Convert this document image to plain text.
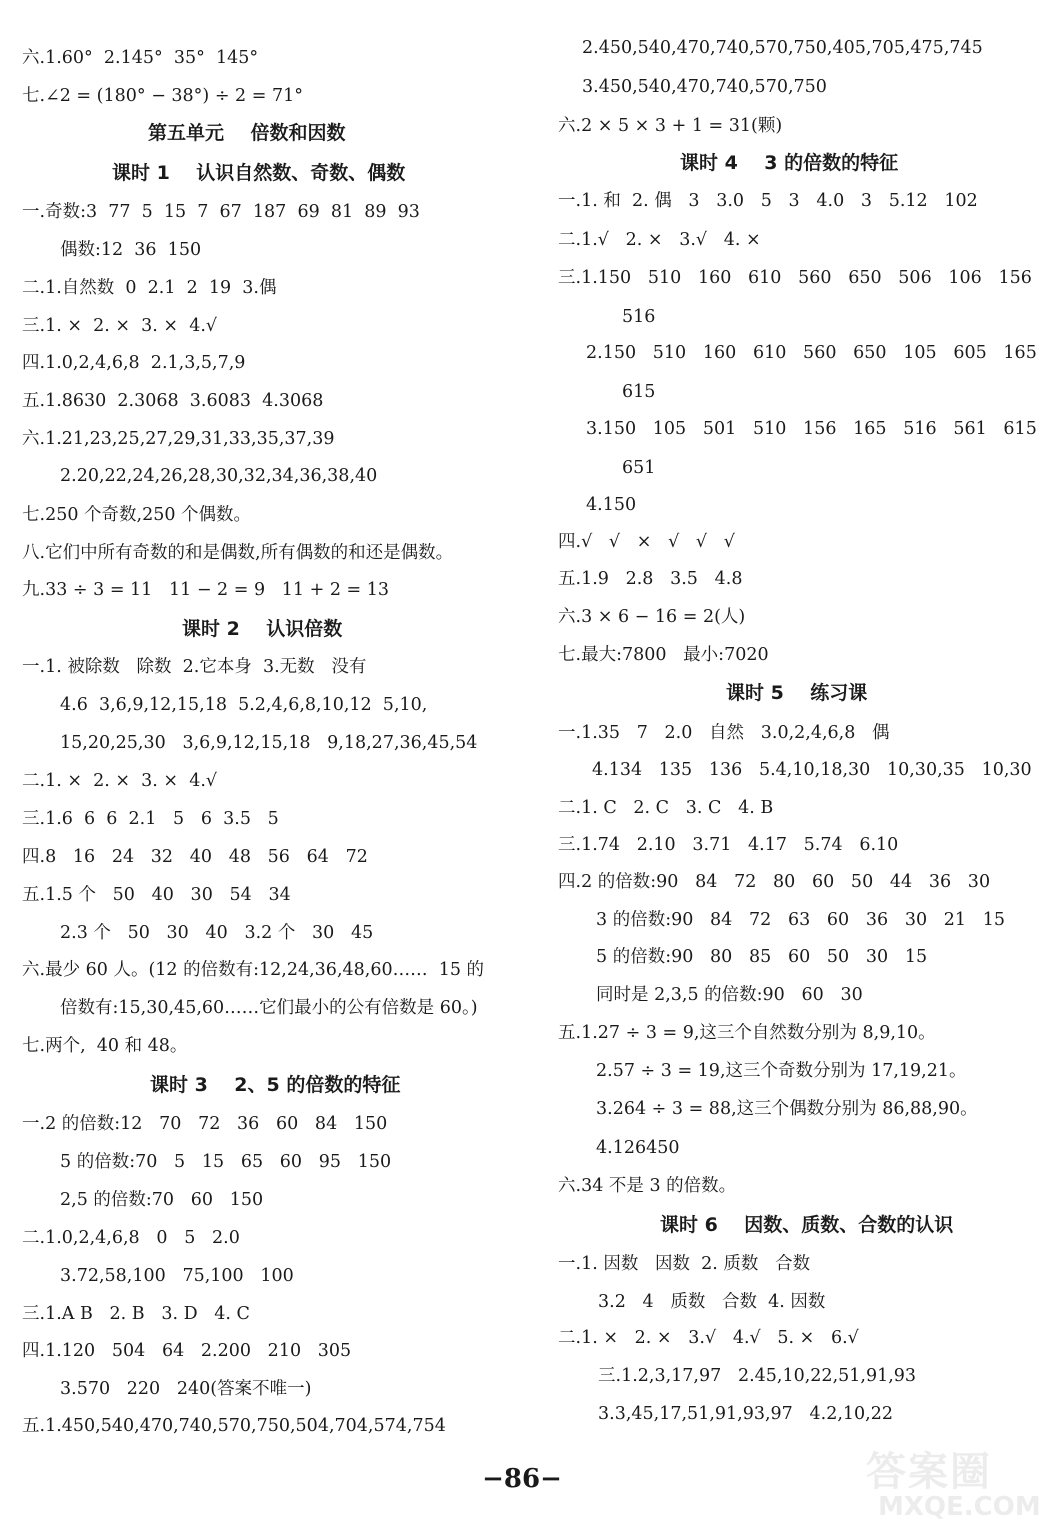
六.1.60°  2.145°  35°  145°
七.∠2 = (180° − 38°) ÷ 2 = 71°
第五单元    倍数和因数
课时 1    认识自然数、奇数、偶数
一.奇数:3  77  5  15  7  67  187  69  81  89  93
偶数:12  36  150
二.1.自然数  0  2.1  2  19  3.偶
三.1. ×  2. ×  3. ×  4.√
四.1.0,2,4,6,8  2.1,3,5,7,9
五.1.8630  2.3068  3.6083  4.3068
六.1.21,23,25,27,29,31,33,35,37,39
2.20,22,24,26,28,30,32,34,36,38,40
七.250 个奇数,250 个偶数。
八.它们中所有奇数的和是偶数,所有偶数的和还是偶数。
九.33 ÷ 3 = 11   11 − 2 = 9   11 + 2 = 13
课时 2    认识倍数
一.1. 被除数   除数  2.它本身  3.无数   没有
4.6  3,6,9,12,15,18  5.2,4,6,8,10,12  5,10,
15,20,25,30   3,6,9,12,15,18   9,18,27,36,45,54
二.1. ×  2. ×  3. ×  4.√
三.1.6  6  6  2.1   5   6  3.5   5
四.8   16   24   32   40   48   56   64   72
五.1.5 个   50   40   30   54   34
2.3 个   50   30   40   3.2 个   30   45
六.最少 60 人。(12 的倍数有:12,24,36,48,60……  15 的
倍数有:15,30,45,60……它们最小的公有倍数是 60。)
七.两个,  40 和 48。
课时 3    2、5 的倍数的特征
一.2 的倍数:12   70   72   36   60   84   150
5 的倍数:70   5   15   65   60   95   150
2,5 的倍数:70   60   150
二.1.0,2,4,6,8   0   5   2.0
3.72,58,100   75,100   100
三.1.A B   2. B   3. D   4. C
四.1.120   504   64   2.200   210   305
3.570   220   240(答案不唯一)
五.1.450,540,470,740,570,750,504,704,574,754
2.450,540,470,740,570,750,405,705,475,745
3.450,540,470,740,570,750
六.2 × 5 × 3 + 1 = 31(颗)
课时 4    3 的倍数的特征
一.1. 和  2. 偶   3   3.0   5   3   4.0   3   5.12   102
二.1.√   2. ×   3.√   4. ×
三.1.150   510   160   610   560   650   506   106   156
516
2.150   510   160   610   560   650   105   605   165
615
3.150   105   501   510   156   165   516   561   615
651
4.150
四.√   √   ×   √   √   √
五.1.9   2.8   3.5   4.8
六.3 × 6 − 16 = 2(人)
七.最大:7800   最小:7020
课时 5    练习课
一.1.35   7   2.0   自然   3.0,2,4,6,8   偶
4.134   135   136   5.4,10,18,30   10,30,35   10,30
二.1. C   2. C   3. C   4. B
三.1.74   2.10   3.71   4.17   5.74   6.10
四.2 的倍数:90   84   72   80   60   50   44   36   30
3 的倍数:90   84   72   63   60   36   30   21   15
5 的倍数:90   80   85   60   50   30   15
同时是 2,3,5 的倍数:90   60   30
五.1.27 ÷ 3 = 9,这三个自然数分别为 8,9,10。
2.57 ÷ 3 = 19,这三个奇数分别为 17,19,21。
3.264 ÷ 3 = 88,这三个偶数分别为 86,88,90。
4.126450
六.34 不是 3 的倍数。
课时 6    因数、质数、合数的认识
一.1. 因数   因数  2. 质数   合数
3.2   4   质数   合数  4. 因数
二.1. ×   2. ×   3.√   4.√   5. ×   6.√
三.1.2,3,17,97   2.45,10,22,51,91,93
3.3,45,17,51,91,93,97   4.2,10,22
−86−	答案圈
MXQE.COM
